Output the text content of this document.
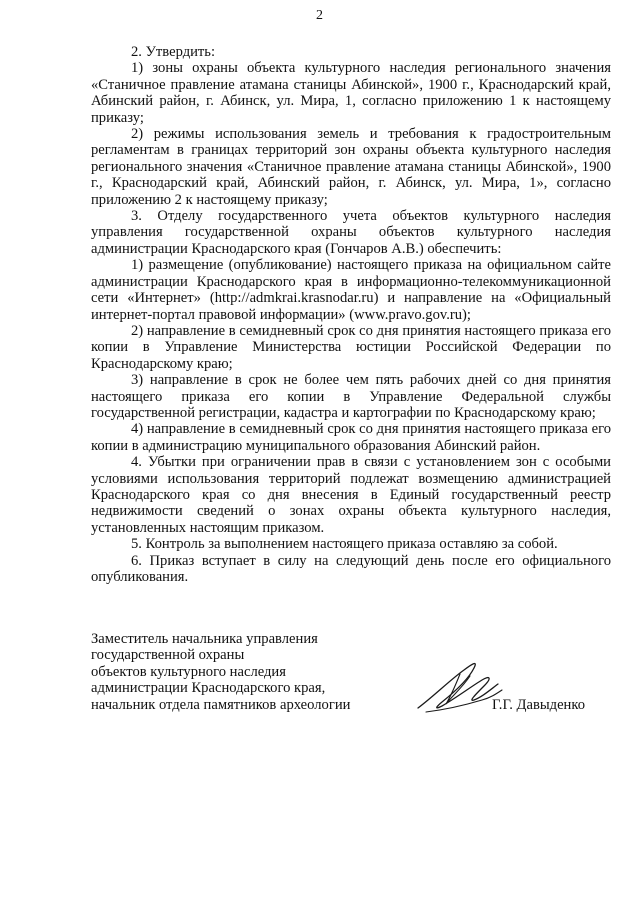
2

2. Утвердить:

1) зоны охраны объекта культурного наследия регионального значения «Станичное правление атамана станицы Абинской», 1900 г., Краснодарский край, Абинский район, г. Абинск, ул. Мира, 1, согласно приложению 1 к настоящему приказу;

2) режимы использования земель и требования к градостроительным регламентам в границах территорий зон охраны объекта культурного наследия регионального значения «Станичное правление атамана станицы Абинской», 1900 г., Краснодарский край, Абинский район, г. Абинск, ул. Мира, 1», согласно приложению 2 к настоящему приказу;

3. Отделу государственного учета объектов культурного наследия управления государственной охраны объектов культурного наследия администрации Краснодарского края (Гончаров А.В.) обеспечить:

1) размещение (опубликование) настоящего приказа на официальном сайте администрации Краснодарского края в информационно-телекоммуникационной сети «Интернет» (http://admkrai.krasnodar.ru) и направление на «Официальный интернет-портал правовой информации» (www.pravo.gov.ru);

2) направление в семидневный срок со дня принятия настоящего приказа его копии в Управление Министерства юстиции Российской Федерации по Краснодарскому краю;

3) направление в срок не более чем пять рабочих дней со дня принятия настоящего приказа его копии в Управление Федеральной службы государственной регистрации, кадастра и картографии по Краснодарскому краю;

4) направление в семидневный срок со дня принятия настоящего приказа его копии в администрацию муниципального образования Абинский район.

4. Убытки при ограничении прав в связи с установлением зон с особыми условиями использования территорий подлежат возмещению администрацией Краснодарского края со дня внесения в Единый государственный реестр недвижимости сведений о зонах охраны объекта культурного наследия, установленных настоящим приказом.

5. Контроль за выполнением настоящего приказа оставляю за собой.

6. Приказ вступает в силу на следующий день после его официального опубликования.

Заместитель начальника управления
государственной охраны
объектов культурного наследия
администрации Краснодарского края,
начальник отдела памятников археологии	Г.Г. Давыденко
